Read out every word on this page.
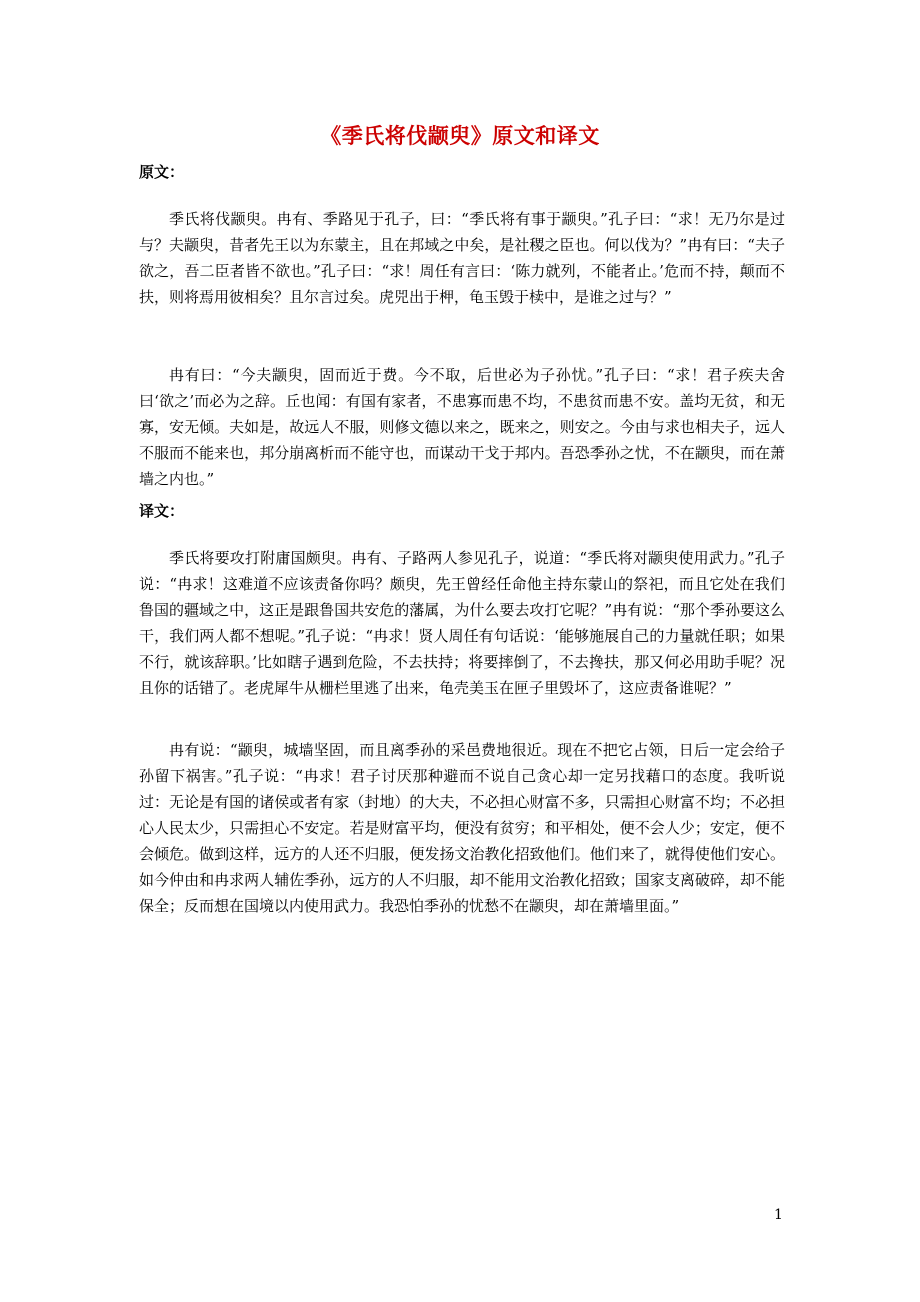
《季氏将伐颛臾》原文和译文
原文：

季氏将伐颛臾。冉有、季路见于孔子，曰：“季氏将有事于颛臾。”孔子曰：“求！无乃尔是过与？夫颛臾，昔者先王以为东蒙主，且在邦域之中矣，是社稷之臣也。何以伐为？”冉有曰：“夫子欲之，吾二臣者皆不欲也。”孔子曰：“求！周任有言曰：‘陈力就列，不能者止。’危而不持，颠而不扶，则将焉用彼相矣？且尔言过矣。虎兕出于柙，龟玉毁于椟中，是谁之过与？”

冉有曰：“今夫颛臾，固而近于费。今不取，后世必为子孙忧。”孔子曰：“求！君子疾夫舍曰‘欲之’而必为之辞。丘也闻：有国有家者，不患寡而患不均，不患贫而患不安。盖均无贫，和无寡，安无倾。夫如是，故远人不服，则修文德以来之，既来之，则安之。今由与求也相夫子，远人不服而不能来也，邦分崩离析而不能守也，而谋动干戈于邦内。吾恐季孙之忧，不在颛臾，而在萧墙之内也。”

译文：

季氏将要攻打附庸国颇臾。冉有、子路两人参见孔子，说道：“季氏将对颛臾使用武力。”孔子说：“冉求！这难道不应该责备你吗？颇臾，先王曾经任命他主持东蒙山的祭祀，而且它处在我们鲁国的疆域之中，这正是跟鲁国共安危的藩属，为什么要去攻打它呢？”冉有说：“那个季孙要这么干，我们两人都不想呢。”孔子说：“冉求！贤人周任有句话说：‘能够施展自己的力量就任职；如果不行，就该辞职。’比如瞎子遇到危险，不去扶持；将要摔倒了，不去搀扶，那又何必用助手呢？况且你的话错了。老虎犀牛从栅栏里逃了出来，龟壳美玉在匣子里毁坏了，这应责备谁呢？”

冉有说：“颛臾，城墙坚固，而且离季孙的采邑费地很近。现在不把它占领，日后一定会给子孙留下祸害。”孔子说：“冉求！君子讨厌那种避而不说自己贪心却一定另找藉口的态度。我听说过：无论是有国的诸侯或者有家（封地）的大夫，不必担心财富不多，只需担心财富不均；不必担心人民太少，只需担心不安定。若是财富平均，便没有贫穷；和平相处，便不会人少；安定，便不会倾危。做到这样，远方的人还不归服，便发扬文治教化招致他们。他们来了，就得使他们安心。如今仲由和冉求两人辅佐季孙，远方的人不归服，却不能用文治教化招致；国家支离破碎，却不能保全；反而想在国境以内使用武力。我恐怕季孙的忧愁不在颛臾，却在萧墙里面。”

1
